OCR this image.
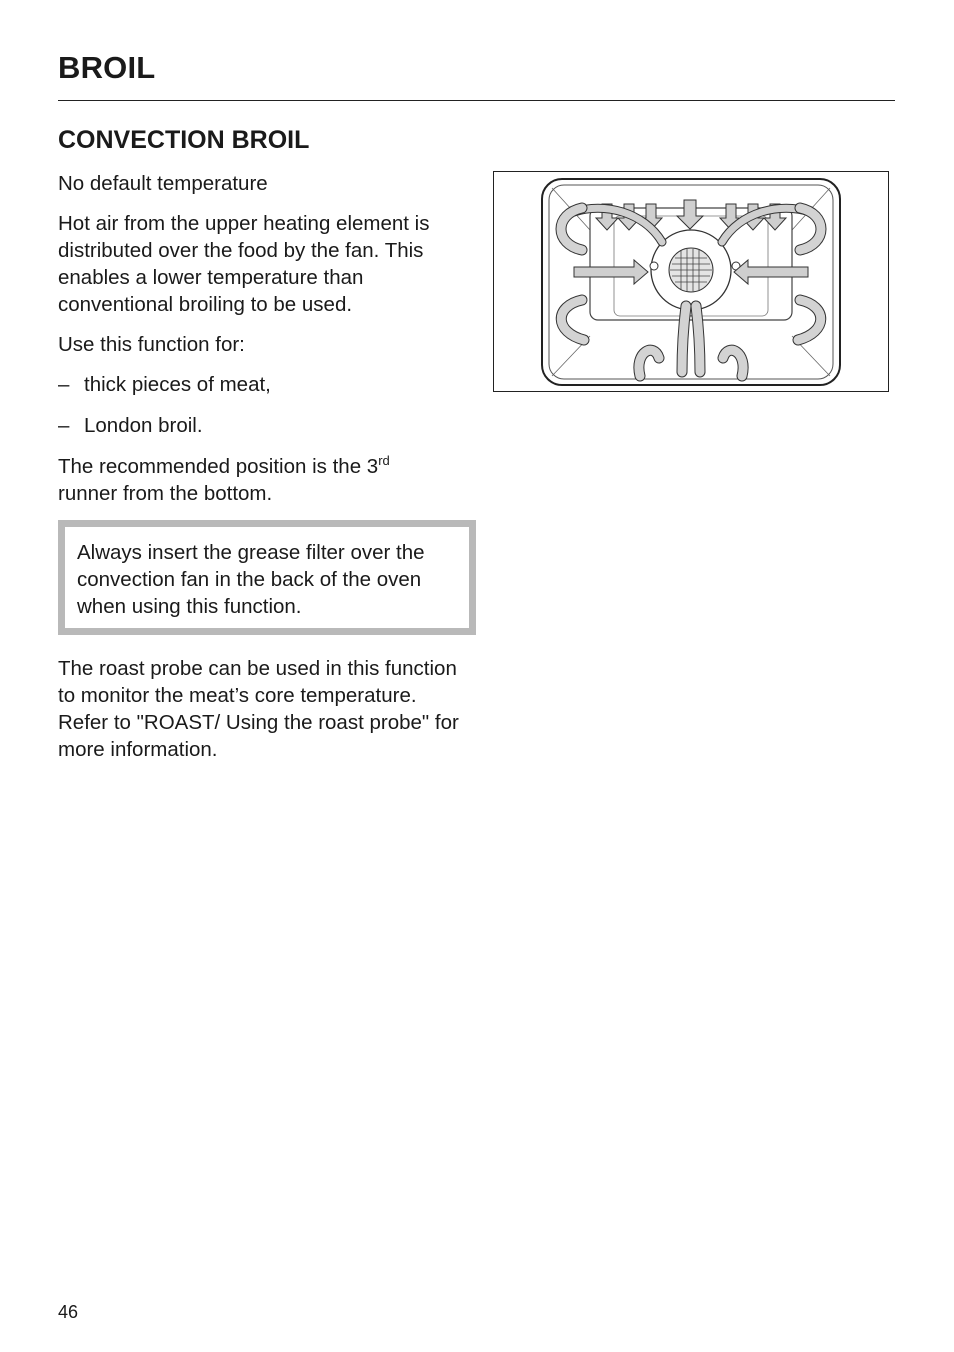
BROIL
CONVECTION BROIL

No default temperature

Hot air from the upper heating element is distributed over the food by the fan. This enables a lower temperature than conventional broiling to be used.

Use this function for:

– thick pieces of meat,
– London broil.

The recommended position is the 3rd
runner from the bottom.

Always insert the grease filter over the convection fan in the back of the oven when using this function.

The roast probe can be used in this function to monitor the meat’s core temperature. Refer to "ROAST/ Using the roast probe" for more information.

46
